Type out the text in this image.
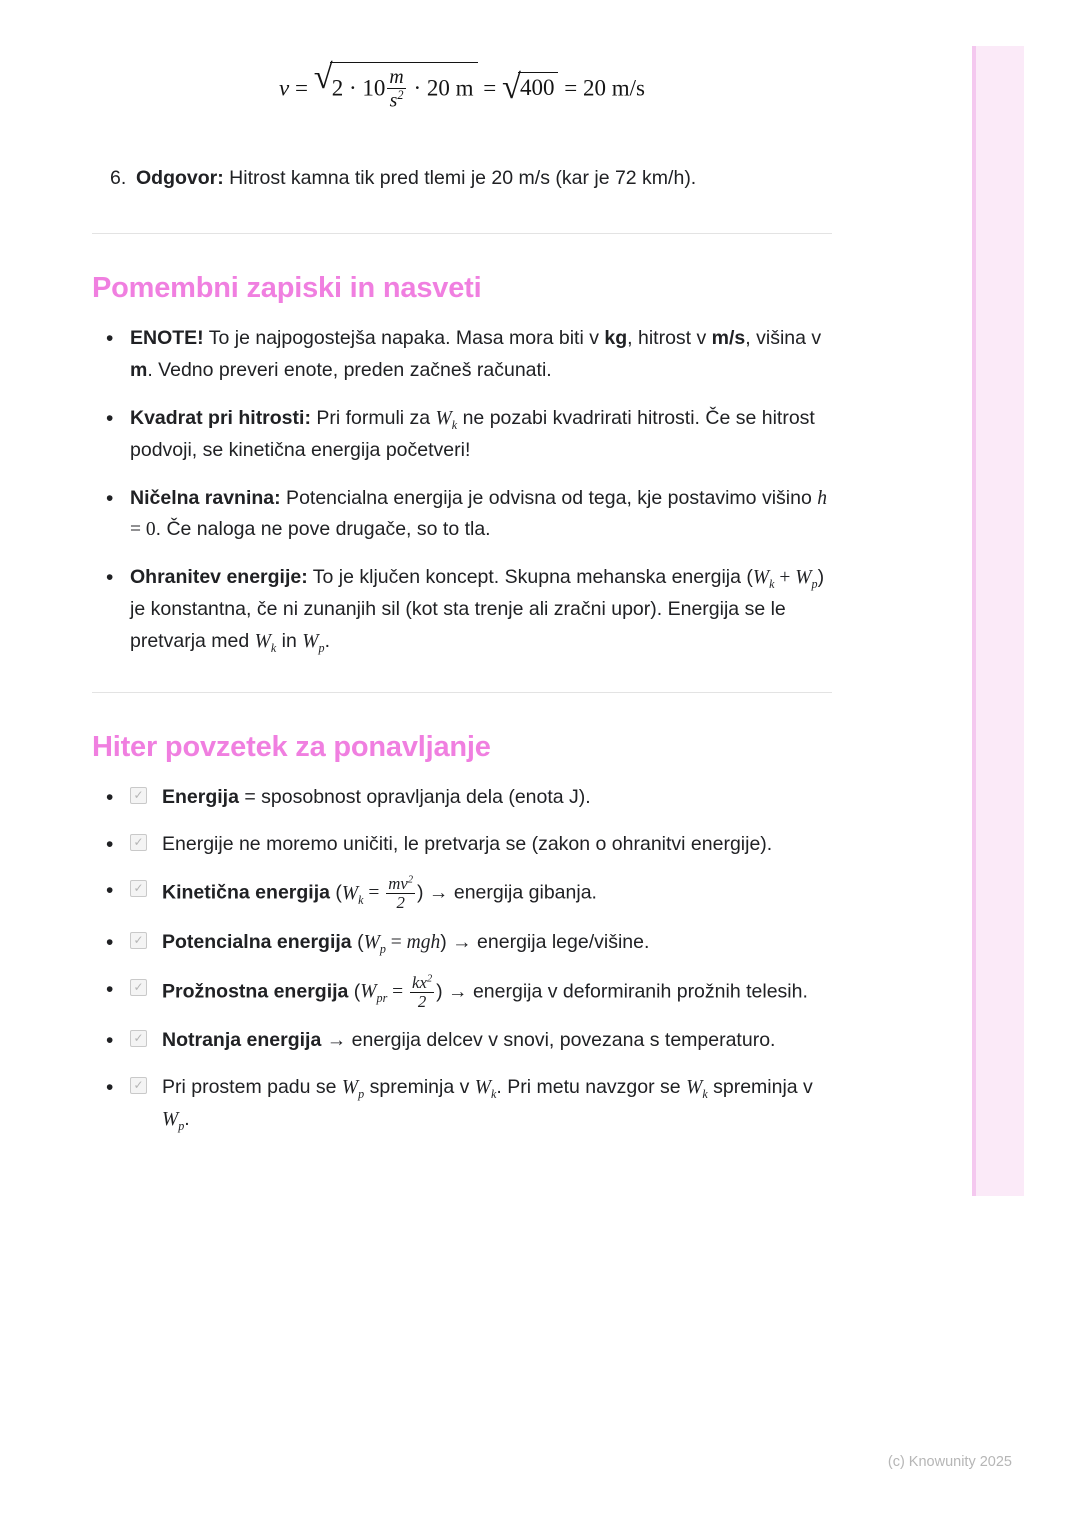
v = √ $2 \cdot 10 \frac{m}{s^2} \cdot 20$ m = √ 400 = 20 m/s
6. Odgovor: Hitrost kamna tik pred tlemi je 20 m/s (kar je 72 km/h).
Pomembni zapiski in nasveti
• ENOTE! To je najpogostejša napaka. Masa mora biti v kg, hitrost v m/s, višina v m. Vedno preveri enote, preden začneš računati.
• Kvadrat pri hitrosti: Pri formuli za $W_k$ ne pozabi kvadrirati hitrosti. Če se hitrost podvoji, se kinetična energija početveri!
• Ničelna ravnina: Potencialna energija je odvisna od tega, kje postavimo višino h = 0. Če naloga ne pove drugače, so to tla.
• Ohranitev energije: To je ključen koncept. Skupna mehanska energija $(W_k + W_p)$ je konstantna, če ni zunanjih sil (kot sta trenje ali zračni upor). Energija se le pretvarja med $W_k$ in $W_p$.
Hiter povzetek za ponavljanje
• ✓ Energija = sposobnost opravljanja dela (enota J).
• ✓ Energije ne moremo uničiti, le pretvarja se (zakon o ohranitvi energije).
• ✓ Kinetična energija ($W_k = \frac{mv^2}{2}$ ) → energija gibanja.
• ✓ Potencialna energija $(W_p = mgh)$ → energija lege/višine.
• ✓ Prožnostna energija ($W_{pr} = \frac{kx^2}{2}$ ) → energija v deformiranih prožnih telesih.
• ✓ Notranja energija → energija delcev v snovi, povezana s temperaturo.
• ✓ Pri prostem padu se $W_p$ spreminja v $W_k$. Pri metu navzgor se $W_k$ spreminja v $W_p$.
(c) Knowunity 2025
